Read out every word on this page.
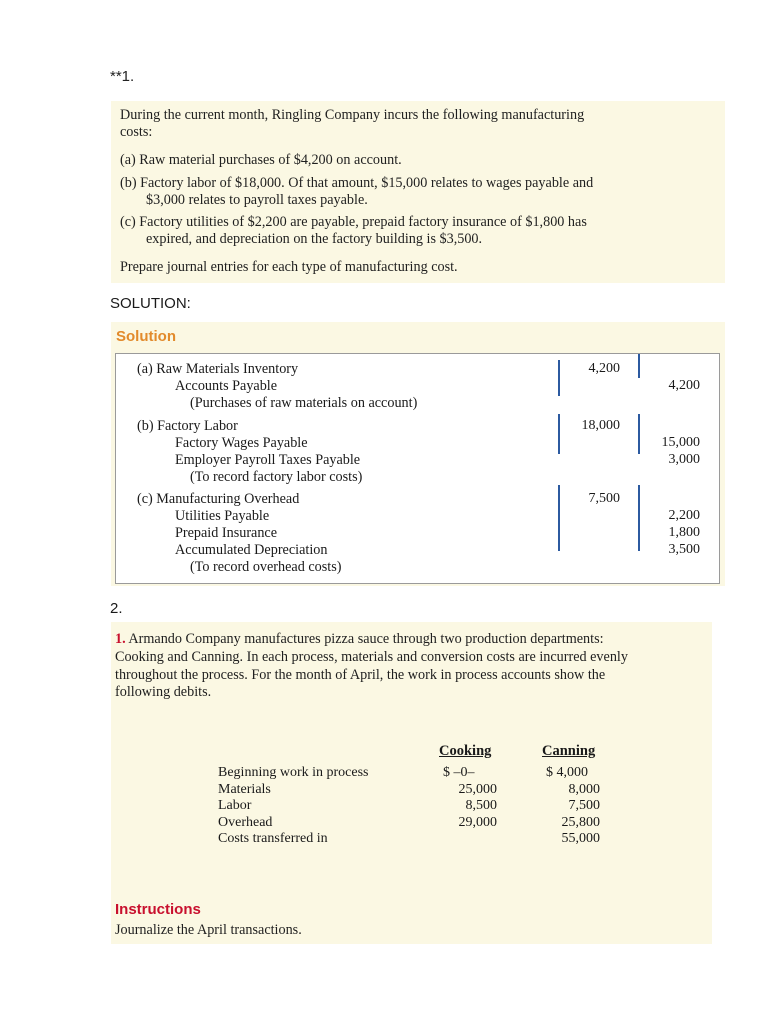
**1.
During the current month, Ringling Company incurs the following manufacturing
costs:
(a) Raw material purchases of $4,200 on account.
(b) Factory labor of $18,000. Of that amount, $15,000 relates to wages payable and
$3,000 relates to payroll taxes payable.
(c) Factory utilities of $2,200 are payable, prepaid factory insurance of $1,800 has
expired, and depreciation on the factory building is $3,500.
Prepare journal entries for each type of manufacturing cost.
SOLUTION:
Solution
(a) Raw Materials Inventory
Accounts Payable
(Purchases of raw materials on account)
4,200
4,200
(b) Factory Labor
Factory Wages Payable
Employer Payroll Taxes Payable
(To record factory labor costs)
18,000
15,000
3,000
(c) Manufacturing Overhead
Utilities Payable
Prepaid Insurance
Accumulated Depreciation
(To record overhead costs)
7,500
2,200
1,800
3,500
2.
1. Armando Company manufactures pizza sauce through two production departments:
Cooking and Canning. In each process, materials and conversion costs are incurred evenly
throughout the process. For the month of April, the work in process accounts show the
following debits.
Cooking	Canning
Beginning work in process
Materials
Labor
Overhead
Costs transferred in
$ –0–
25,000
8,500
29,000
$ 4,000
8,000
7,500
25,800
55,000
Instructions
Journalize the April transactions.
